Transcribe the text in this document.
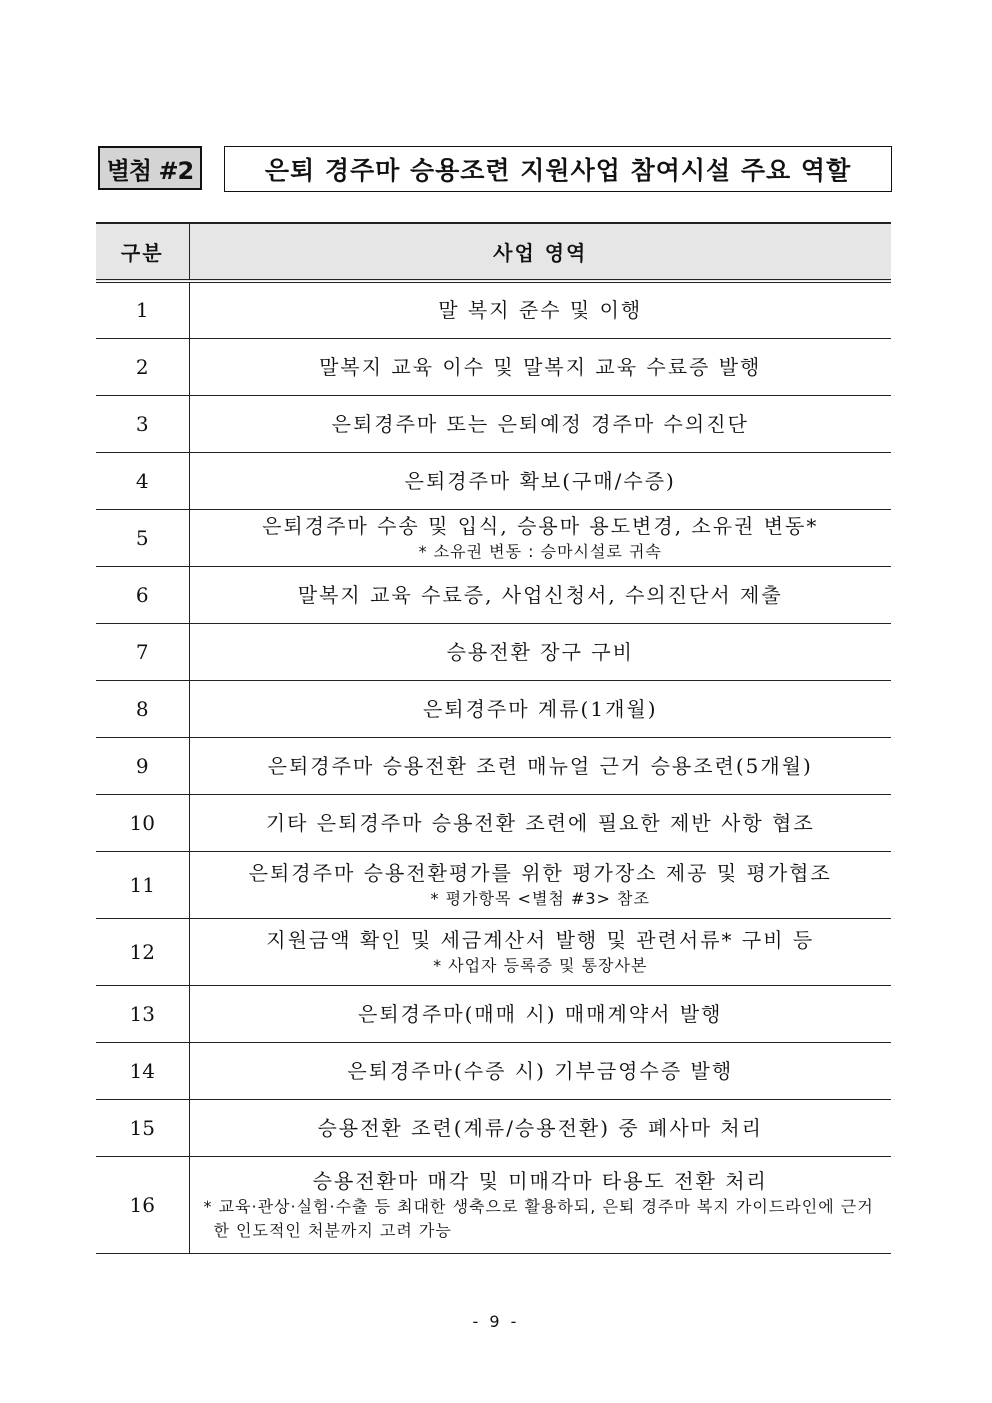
별첨 #2	은퇴 경주마 승용조련 지원사업 참여시설 주요 역할
구분	사업 영역
1	말 복지 준수 및 이행

2	말복지 교육 이수 및 말복지 교육 수료증 발행

3	은퇴경주마 또는 은퇴예정 경주마 수의진단

4	은퇴경주마 확보(구매/수증)

5	은퇴경주마 수송 및 입식, 승용마 용도변경, 소유권 변동*
* 소유권 변동 : 승마시설로 귀속

6	말복지 교육 수료증, 사업신청서, 수의진단서 제출

7	승용전환 장구 구비

8	은퇴경주마 계류(1개월)

9	은퇴경주마 승용전환 조련 매뉴얼 근거 승용조련(5개월)

10	기타 은퇴경주마 승용전환 조련에 필요한 제반 사항 협조

11	은퇴경주마 승용전환평가를 위한 평가장소 제공 및 평가협조
* 평가항목 <별첨 #3> 참조

12	지원금액 확인 및 세금계산서 발행 및 관련서류* 구비 등
* 사업자 등록증 및 통장사본

13	은퇴경주마(매매 시) 매매계약서 발행

14	은퇴경주마(수증 시) 기부금영수증 발행

15	승용전환 조련(계류/승용전환) 중 폐사마 처리

16	승용전환마 매각 및 미매각마 타용도 전환 처리
* 교육·관상·실험·수출 등 최대한 생축으로 활용하되, 은퇴 경주마 복지 가이드라인에 근거한 인도적인 처분까지 고려 가능
- 9 -
